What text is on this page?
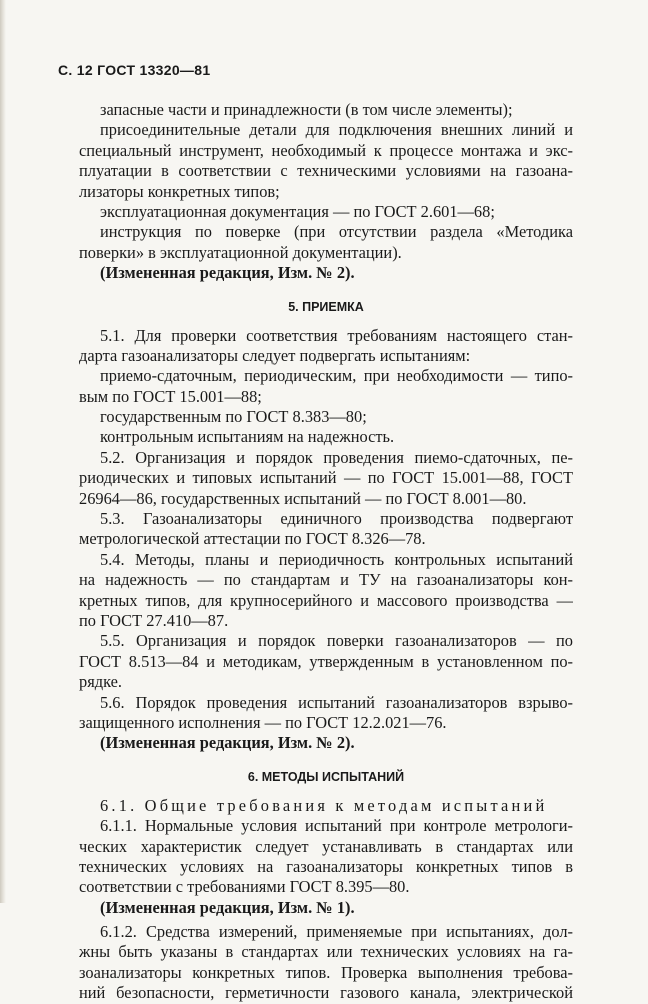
С. 12 ГОСТ 13320—81
запасные части и принадлежности (в том числе элементы);
присоединительные детали для подключения внешних линий и
специальный инструмент, необходимый к процессе монтажа и экс-
плуатации в соответствии с техническими условиями на газоана-
лизаторы конкретных типов;
эксплуатационная документация — по ГОСТ 2.601—68;
инструкция по поверке (при отсутствии раздела «Методика
поверки» в эксплуатационной документации).
(Измененная редакция, Изм. № 2).
5. ПРИЕМКА
5.1. Для проверки соответствия требованиям настоящего стан-
дарта газоанализаторы следует подвергать испытаниям:
приемо-сдаточным, периодическим, при необходимости — типо-
вым по ГОСТ 15.001—88;
государственным по ГОСТ 8.383—80;
контрольным испытаниям на надежность.
5.2. Организация и порядок проведения пиемо-сдаточных, пе-
риодических и типовых испытаний — по ГОСТ 15.001—88, ГОСТ
26964—86, государственных испытаний — по ГОСТ 8.001—80.
5.3. Газоанализаторы единичного производства подвергают
метрологической аттестации по ГОСТ 8.326—78.
5.4. Методы, планы и периодичность контрольных испытаний
на надежность — по стандартам и ТУ на газоанализаторы кон-
кретных типов, для крупносерийного и массового производства —
по ГОСТ 27.410—87.
5.5. Организация и порядок поверки газоанализаторов — по
ГОСТ 8.513—84 и методикам, утвержденным в установленном по-
рядке.
5.6. Порядок проведения испытаний газоанализаторов взрыво-
защищенного исполнения — по ГОСТ 12.2.021—76.
(Измененная редакция, Изм. № 2).
6. МЕТОДЫ ИСПЫТАНИЙ
6.1. Общие требования к методам испытаний
6.1.1. Нормальные условия испытаний при контроле метрологи-
ческих характеристик следует устанавливать в стандартах или
технических условиях на газоанализаторы конкретных типов в
соответствии с требованиями ГОСТ 8.395—80.
(Измененная редакция, Изм. № 1).
6.1.2. Средства измерений, применяемые при испытаниях, дол-
жны быть указаны в стандартах или технических условиях на га-
зоанализаторы конкретных типов. Проверка выполнения требова-
ний безопасности, герметичности газового канала, электрической
